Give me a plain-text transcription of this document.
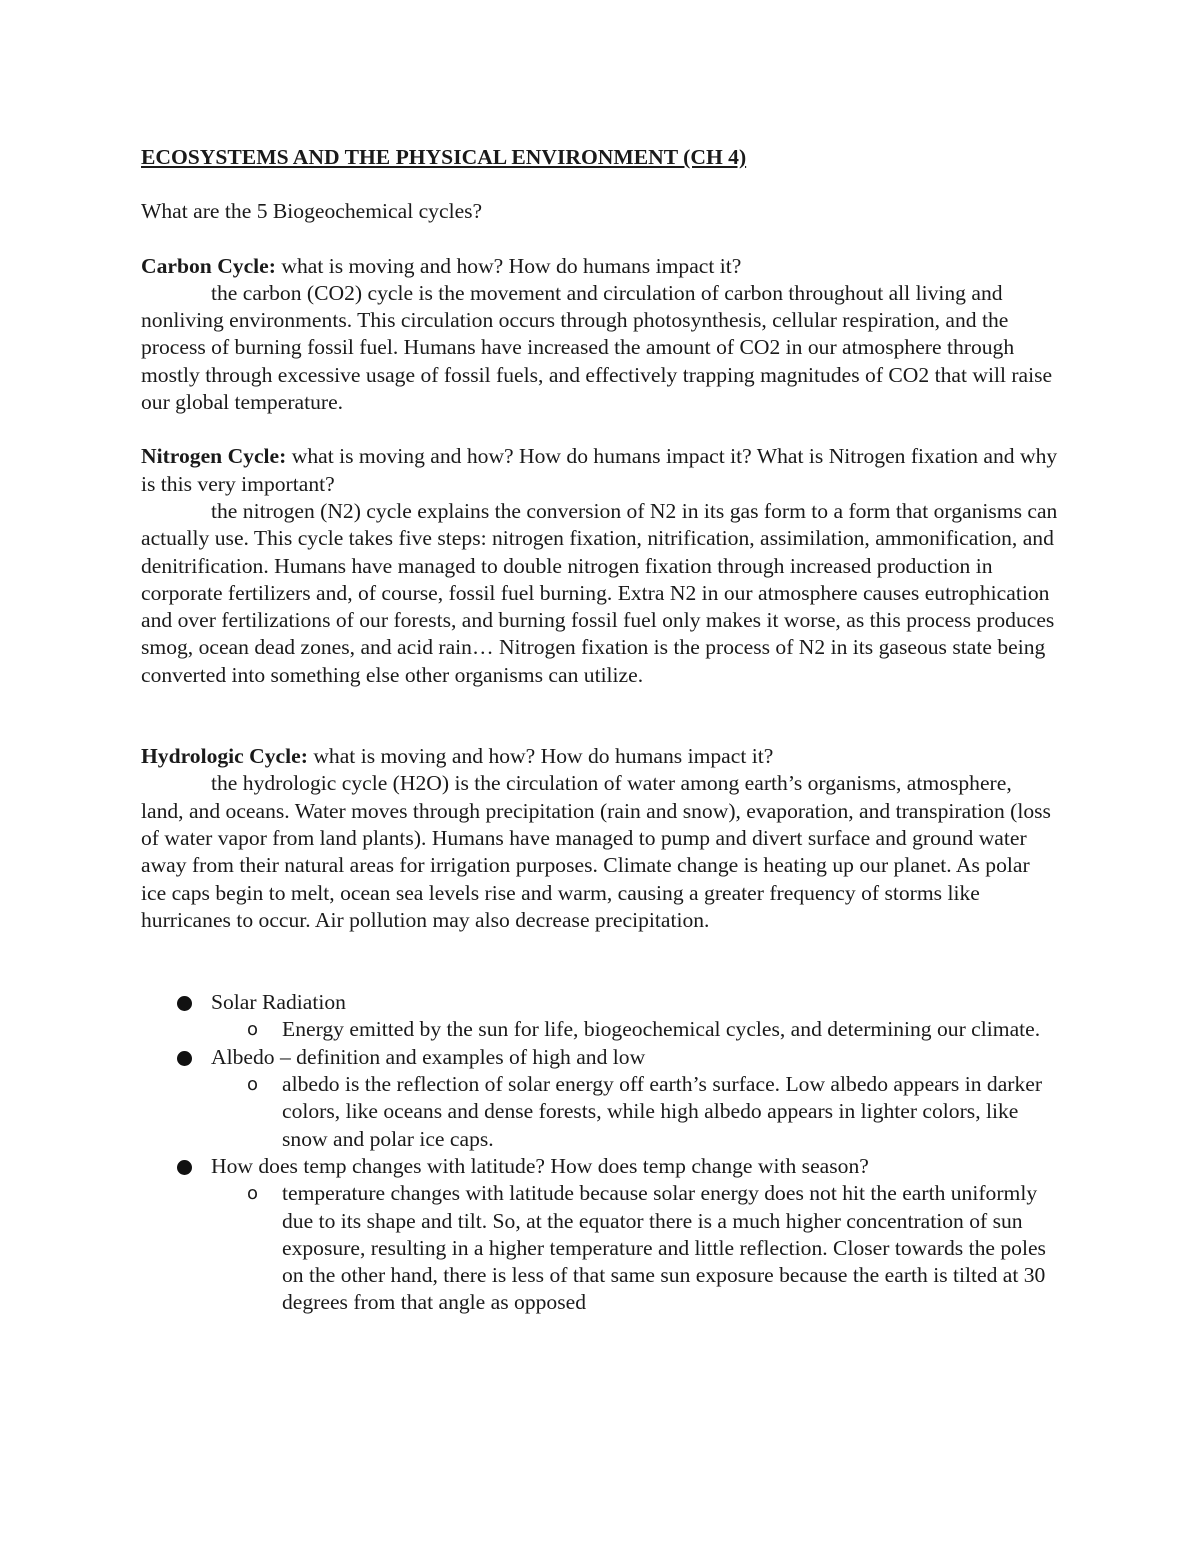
ECOSYSTEMS AND THE PHYSICAL ENVIRONMENT (CH 4)

What are the 5 Biogeochemical cycles?

Carbon Cycle: what is moving and how? How do humans impact it?

the carbon (CO2) cycle is the movement and circulation of carbon throughout all living and nonliving environments. This circulation occurs through photosynthesis, cellular respiration, and the process of burning fossil fuel. Humans have increased the amount of CO2 in our atmosphere through mostly through excessive usage of fossil fuels, and effectively trapping magnitudes of CO2 that will raise our global temperature.

Nitrogen Cycle: what is moving and how? How do humans impact it? What is Nitrogen fixation and why is this very important?

the nitrogen (N2) cycle explains the conversion of N2 in its gas form to a form that organisms can actually use. This cycle takes five steps: nitrogen fixation, nitrification, assimilation, ammonification, and denitrification. Humans have managed to double nitrogen fixation through increased production in corporate fertilizers and, of course, fossil fuel burning. Extra N2 in our atmosphere causes eutrophication and over fertilizations of our forests, and burning fossil fuel only makes it worse, as this process produces smog, ocean dead zones, and acid rain… Nitrogen fixation is the process of N2 in its gaseous state being converted into something else other organisms can utilize.

Hydrologic Cycle: what is moving and how? How do humans impact it?

the hydrologic cycle (H2O) is the circulation of water among earth’s organisms, atmosphere, land, and oceans. Water moves through precipitation (rain and snow), evaporation, and transpiration (loss of water vapor from land plants). Humans have managed to pump and divert surface and ground water away from their natural areas for irrigation purposes. Climate change is heating up our planet. As polar ice caps begin to melt, ocean sea levels rise and warm, causing a greater frequency of storms like hurricanes to occur. Air pollution may also decrease precipitation.

Solar Radiation
o Energy emitted by the sun for life, biogeochemical cycles, and determining our climate.
Albedo – definition and examples of high and low
o albedo is the reflection of solar energy off earth’s surface. Low albedo appears in darker colors, like oceans and dense forests, while high albedo appears in lighter colors, like snow and polar ice caps.
How does temp changes with latitude? How does temp change with season?
o temperature changes with latitude because solar energy does not hit the earth uniformly due to its shape and tilt. So, at the equator there is a much higher concentration of sun exposure, resulting in a higher temperature and little reflection. Closer towards the poles on the other hand, there is less of that same sun exposure because the earth is tilted at 30 degrees from that angle as opposed
